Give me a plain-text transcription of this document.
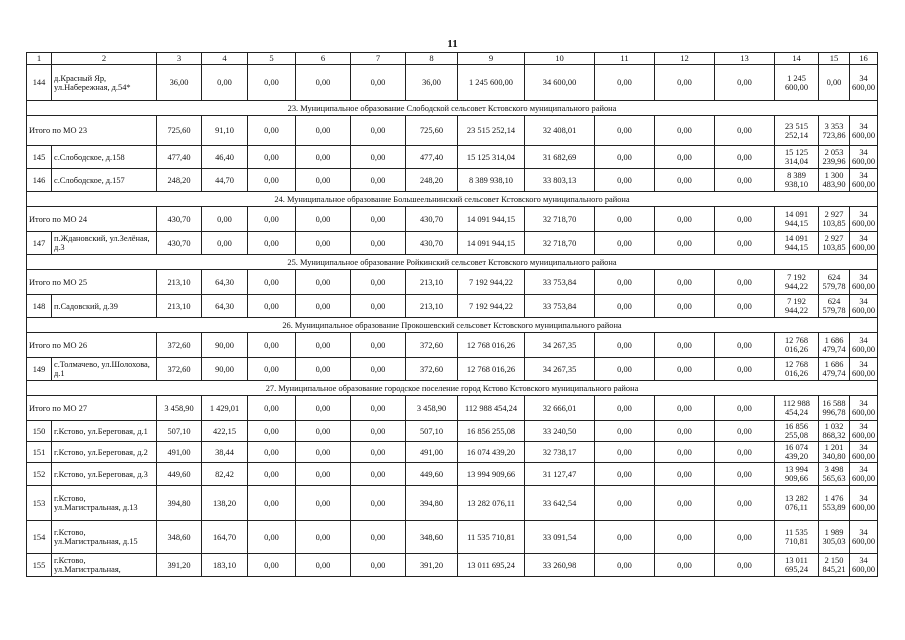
11
1	2	3	4	5	6	7	8	9	10	11	12	13	14	15	16
144	д.Красный Яр, ул.Набережная, д.54*	36,00	0,00	0,00	0,00	0,00	36,00	1 245 600,00	34 600,00	0,00	0,00	0,00	1 245 600,00	0,00	34 600,00
23. Муниципальное образование Слободской сельсовет Кстовского муниципального района															
Итого по МО 23		725,60	91,10	0,00	0,00	0,00	725,60	23 515 252,14	32 408,01	0,00	0,00	0,00	23 515 252,14	3 353 723,86	34 600,00
145	с.Слободское, д.158	477,40	46,40	0,00	0,00	0,00	477,40	15 125 314,04	31 682,69	0,00	0,00	0,00	15 125 314,04	2 053 239,96	34 600,00
146	с.Слободское, д.157	248,20	44,70	0,00	0,00	0,00	248,20	8 389 938,10	33 803,13	0,00	0,00	0,00	8 389 938,10	1 300 483,90	34 600,00
24. Муниципальное образование Большеельнинский сельсовет Кстовского муниципального района															
Итого по МО 24		430,70	0,00	0,00	0,00	0,00	430,70	14 091 944,15	32 718,70	0,00	0,00	0,00	14 091 944,15	2 927 103,85	34 600,00
147	п.Ждановский, ул.Зелёная, д.3	430,70	0,00	0,00	0,00	0,00	430,70	14 091 944,15	32 718,70	0,00	0,00	0,00	14 091 944,15	2 927 103,85	34 600,00
25. Муниципальное образование Ройкинский сельсовет Кстовского муниципального района															
Итого по МО 25		213,10	64,30	0,00	0,00	0,00	213,10	7 192 944,22	33 753,84	0,00	0,00	0,00	7 192 944,22	624 579,78	34 600,00
148	п.Садовский, д.39	213,10	64,30	0,00	0,00	0,00	213,10	7 192 944,22	33 753,84	0,00	0,00	0,00	7 192 944,22	624 579,78	34 600,00
26. Муниципальное образование Прокошевский сельсовет Кстовского муниципального района															
Итого по МО 26		372,60	90,00	0,00	0,00	0,00	372,60	12 768 016,26	34 267,35	0,00	0,00	0,00	12 768 016,26	1 686 479,74	34 600,00
149	с.Толмачево, ул.Шолохова, д.1	372,60	90,00	0,00	0,00	0,00	372,60	12 768 016,26	34 267,35	0,00	0,00	0,00	12 768 016,26	1 686 479,74	34 600,00
27. Муниципальное образование городское поселение город Кстово Кстовского муниципального района															
Итого по МО 27		3 458,90	1 429,01	0,00	0,00	0,00	3 458,90	112 988 454,24	32 666,01	0,00	0,00	0,00	112 988 454,24	16 588 996,78	34 600,00
150	г.Кстово, ул.Береговая, д.1	507,10	422,15	0,00	0,00	0,00	507,10	16 856 255,08	33 240,50	0,00	0,00	0,00	16 856 255,08	1 032 868,32	34 600,00
151	г.Кстово, ул.Береговая, д.2	491,00	38,44	0,00	0,00	0,00	491,00	16 074 439,20	32 738,17	0,00	0,00	0,00	16 074 439,20	1 201 340,80	34 600,00
152	г.Кстово, ул.Береговая, д.3	449,60	82,42	0,00	0,00	0,00	449,60	13 994 909,66	31 127,47	0,00	0,00	0,00	13 994 909,66	3 498 565,63	34 600,00
153	г.Кстово, ул.Магистральная, д.13	394,80	138,20	0,00	0,00	0,00	394,80	13 282 076,11	33 642,54	0,00	0,00	0,00	13 282 076,11	1 476 553,89	34 600,00
154	г.Кстово, ул.Магистральная, д.15	348,60	164,70	0,00	0,00	0,00	348,60	11 535 710,81	33 091,54	0,00	0,00	0,00	11 535 710,81	1 989 305,03	34 600,00
155	г.Кстово, ул.Магистральная,	391,20	183,10	0,00	0,00	0,00	391,20	13 011 695,24	33 260,98	0,00	0,00	0,00	13 011 695,24	2 150 845,21	34 600,00
